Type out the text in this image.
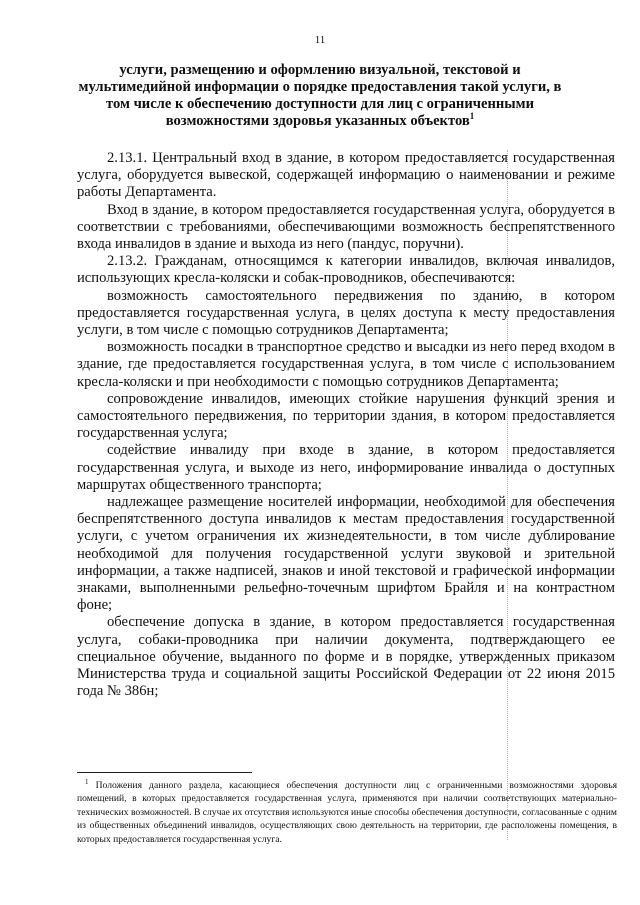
11
услуги, размещению и оформлению визуальной, текстовой и мультимедийной информации о порядке предоставления такой услуги, в том числе к обеспечению доступности для лиц с ограниченными возможностями здоровья указанных объектов$^1$

2.13.1. Центральный вход в здание, в котором предоставляется государственная услуга, оборудуется вывеской, содержащей информацию о наименовании и режиме работы Департамента.

Вход в здание, в котором предоставляется государственная услуга, оборудуется в соответствии с требованиями, обеспечивающими возможность беспрепятственного входа инвалидов в здание и выхода из него (пандус, поручни).

2.13.2. Гражданам, относящимся к категории инвалидов, включая инвалидов, использующих кресла-коляски и собак-проводников, обеспечиваются:

возможность самостоятельного передвижения по зданию, в котором предоставляется государственная услуга, в целях доступа к месту предоставления услуги, в том числе с помощью сотрудников Департамента;

возможность посадки в транспортное средство и высадки из него перед входом в здание, где предоставляется государственная услуга, в том числе с использованием кресла-коляски и при необходимости с помощью сотрудников Департамента;

сопровождение инвалидов, имеющих стойкие нарушения функций зрения и самостоятельного передвижения, по территории здания, в котором предоставляется государственная услуга;

содействие инвалиду при входе в здание, в котором предоставляется государственная услуга, и выходе из него, информирование инвалида о доступных маршрутах общественного транспорта;

надлежащее размещение носителей информации, необходимой для обеспечения беспрепятственного доступа инвалидов к местам предоставления государственной услуги, с учетом ограничения их жизнедеятельности, в том числе дублирование необходимой для получения государственной услуги звуковой и зрительной информации, а также надписей, знаков и иной текстовой и графической информации знаками, выполненными рельефно-точечным шрифтом Брайля и на контрастном фоне;

обеспечение допуска в здание, в котором предоставляется государственная услуга, собаки-проводника при наличии документа, подтверждающего ее специальное обучение, выданного по форме и в порядке, утвержденных приказом Министерства труда и социальной защиты Российской Федерации от 22 июня 2015 года № 386н;

$^1$ Положения данного раздела, касающиеся обеспечения доступности лиц с ограниченными возможностями здоровья помещений, в которых предоставляется государственная услуга, применяются при наличии соответствующих материально-технических возможностей. В случае их отсутствия используются иные способы обеспечения доступности, согласованные с одним из общественных объединений инвалидов, осуществляющих свою деятельность на территории, где расположены помещения, в которых предоставляется государственная услуга.
